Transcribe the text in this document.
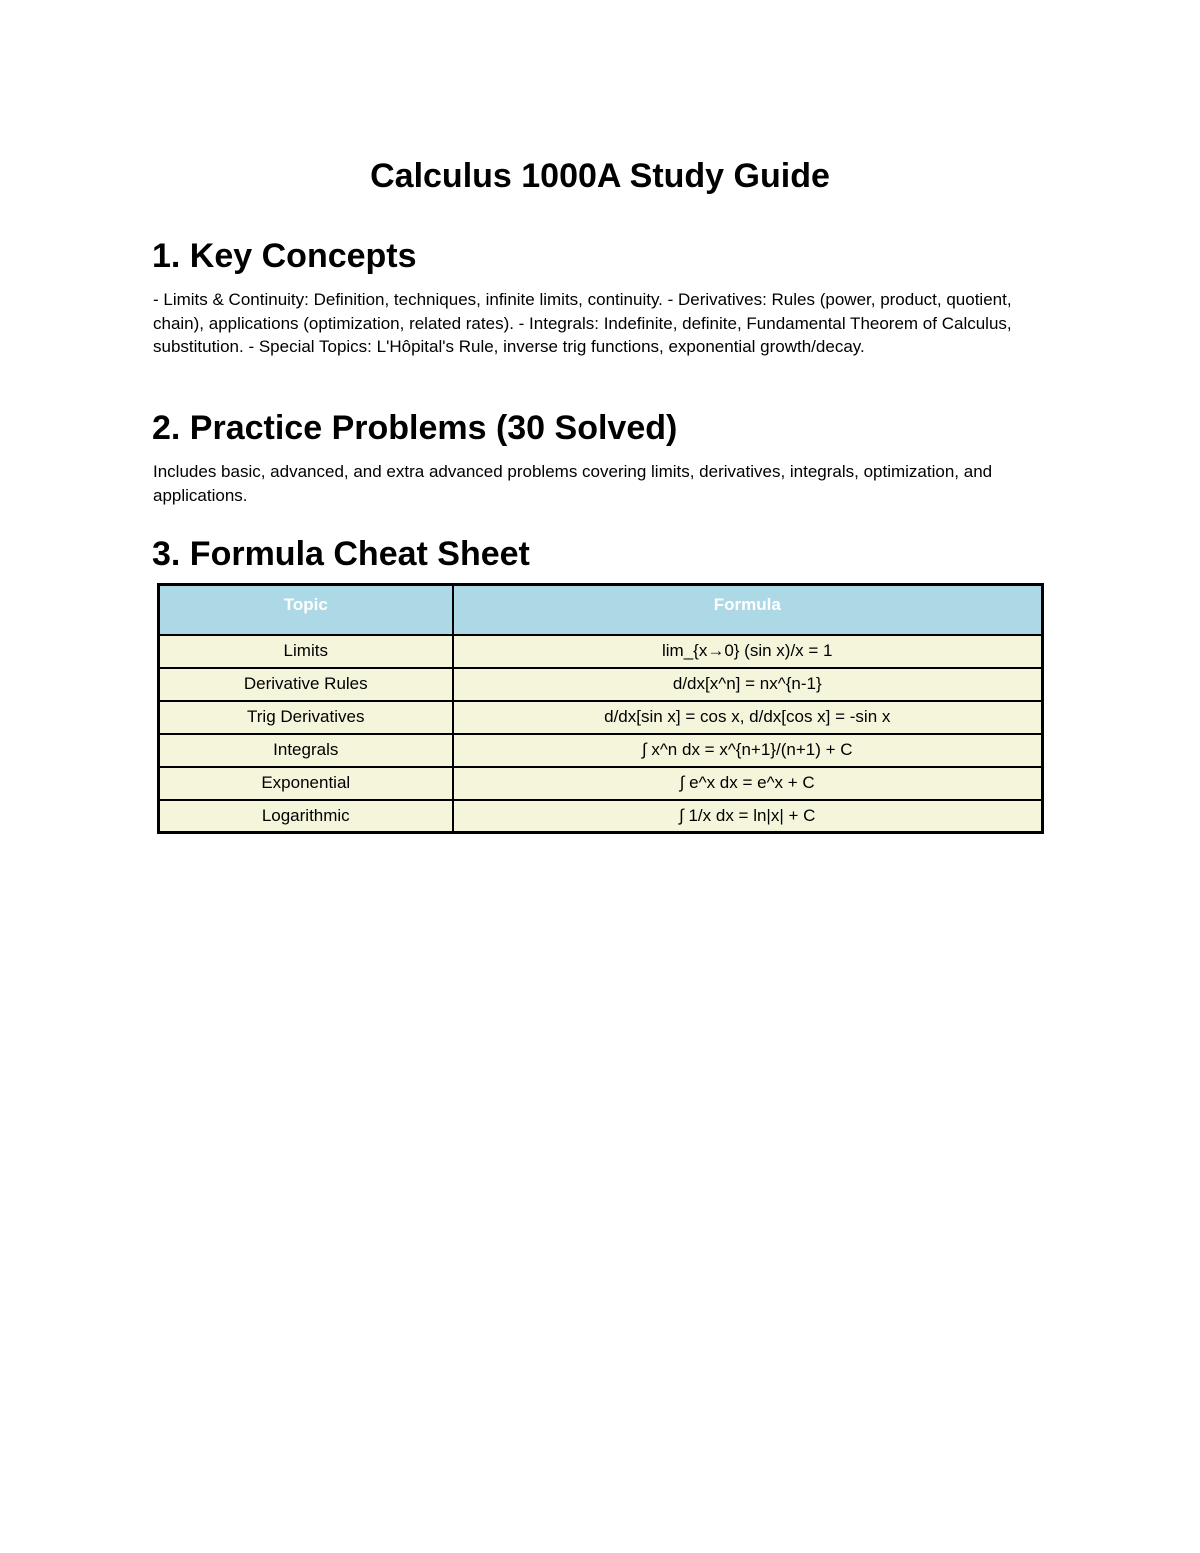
Calculus 1000A Study Guide
1. Key Concepts

- Limits & Continuity: Definition, techniques, infinite limits, continuity. - Derivatives: Rules (power, product, quotient, chain), applications (optimization, related rates). - Integrals: Indefinite, definite, Fundamental Theorem of Calculus, substitution. - Special Topics: L'Hôpital's Rule, inverse trig functions, exponential growth/decay.

2. Practice Problems (30 Solved)

Includes basic, advanced, and extra advanced problems covering limits, derivatives, integrals, optimization, and applications.

3. Formula Cheat Sheet
Topic	Formula
Limits	lim_{x→0} (sin x)/x = 1
Derivative Rules	d/dx[x^n] = nx^{n-1}
Trig Derivatives	d/dx[sin x] = cos x, d/dx[cos x] = -sin x
Integrals	∫ x^n dx = x^{n+1}/(n+1) + C
Exponential	∫ e^x dx = e^x + C
Logarithmic	∫ 1/x dx = ln|x| + C
